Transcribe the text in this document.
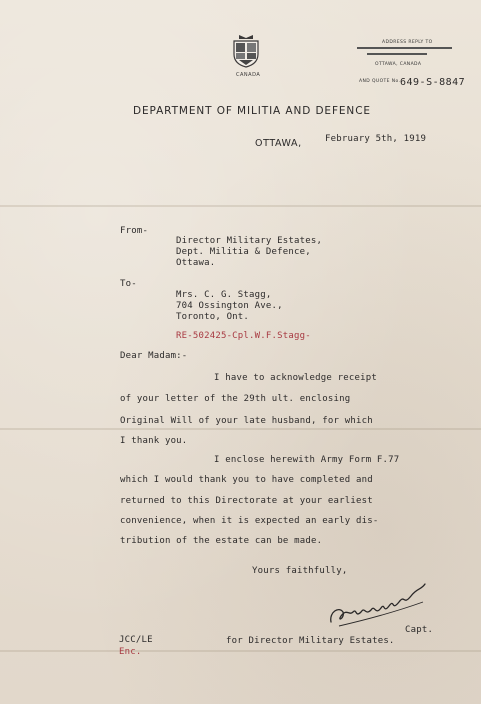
CANADA
ADDRESS REPLY TO
OTTAWA, CANADA
AND QUOTE No. 649-S-8847
DEPARTMENT OF MILITIA AND DEFENCE
OTTAWA,	February 5th, 1919
From-
Director Military Estates,
Dept. Militia & Defence,
Ottawa.
To-
Mrs. C. G. Stagg,
704 Ossington Ave.,
Toronto, Ont.
RE-502425-Cpl.W.F.Stagg-
Dear Madam:-
I have to acknowledge receipt
of your letter of the 29th ult. enclosing
Original Will of your late husband, for which
I thank you.
I enclose herewith Army Form F.77
which I would thank you to have completed and
returned to this Directorate at your earliest
convenience, when it is expected an early dis-
tribution of the estate can be made.
Yours faithfully,
Capt.
for Director Military Estates.
JCC/LE
Enc.
